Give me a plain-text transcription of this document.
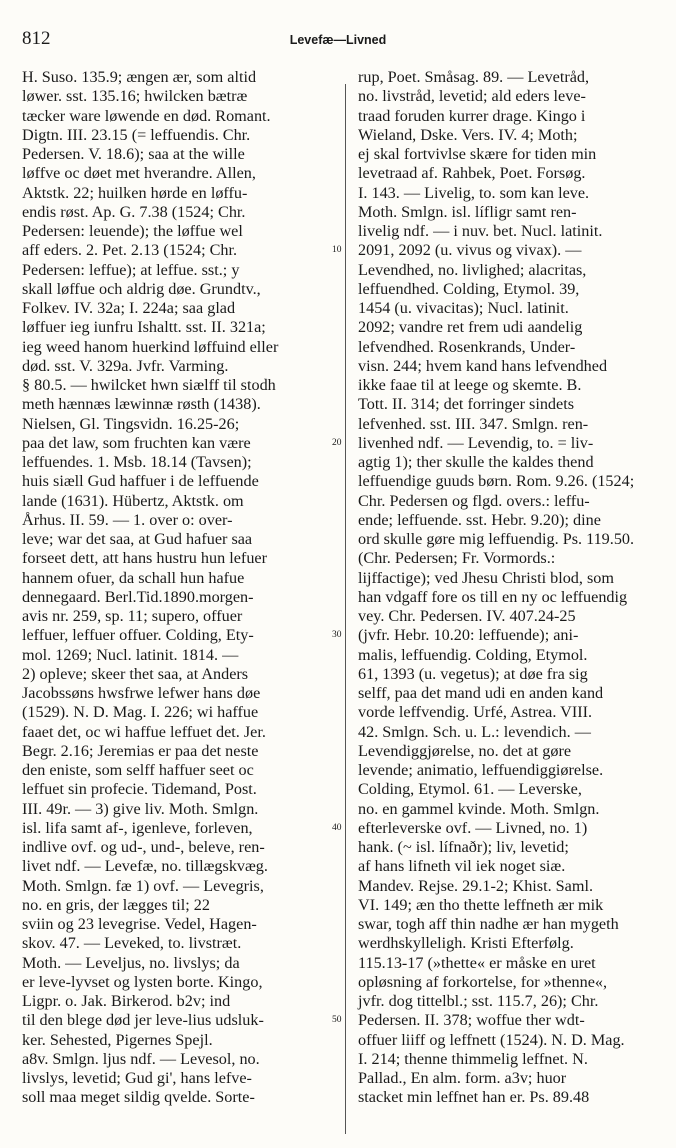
812	Levefæ—Livned
H. Suso. 135.9; ængen ær, som altid
løwer. sst. 135.16; hwilcken bætræ
tæcker ware løwende en død. Romant.
Digtn. III. 23.15 (= leffuendis. Chr.
Pedersen. V. 18.6); saa at the wille
løffve oc døet met hverandre. Allen,
Aktstk. 22; huilken hørde en løffu-
endis røst. Ap. G. 7.38 (1524; Chr.
Pedersen: leuende); the løffue wel
aff eders. 2. Pet. 2.13 (1524; Chr.
Pedersen: leffue); at leffue. sst.; y
skall løffue och aldrig døe. Grundtv.,
Folkev. IV. 32a; I. 224a; saa glad
løffuer ieg iunfru Ishaltt. sst. II. 321a;
ieg weed hanom huerkind løffuind eller
død. sst. V. 329a. Jvfr. Varming.
§ 80.5. — hwilcket hwn siælff til stodh
meth hænnæs læwinnæ røsth (1438).
Nielsen, Gl. Tingsvidn. 16.25-26;
paa det law, som fruchten kan være
leffuendes. 1. Msb. 18.14 (Tavsen);
huis siæll Gud haffuer i de leffuende
lande (1631). Hübertz, Aktstk. om
Århus. II. 59. — 1. over o: over-
leve; war det saa, at Gud hafuer saa
forseet dett, att hans hustru hun lefuer
hannem ofuer, da schall hun hafue
dennegaard. Berl.Tid.1890.morgen-
avis nr. 259, sp. 11; supero, offuer
leffuer, leffuer offuer. Colding, Ety-
mol. 1269; Nucl. latinit. 1814. —
2) opleve; skeer thet saa, at Anders
Jacobssøns hwsfrwe lefwer hans døe
(1529). N. D. Mag. I. 226; wi haffue
faaet det, oc wi haffue leffuet det. Jer.
Begr. 2.16; Jeremias er paa det neste
den eniste, som selff haffuer seet oc
leffuet sin profecie. Tidemand, Post.
III. 49r. — 3) give liv. Moth. Smlgn.
isl. lifa samt af-, igenleve, forleven,
indlive ovf. og ud-, und-, beleve, ren-
livet ndf. — Levefæ, no. tillægskvæg.
Moth. Smlgn. fæ 1) ovf. — Levegris,
no. en gris, der lægges til; 22
sviin og 23 levegrise. Vedel, Hagen-
skov. 47. — Leveked, to. livstræt.
Moth. — Leveljus, no. livslys; da
er leve-lyvset og lysten borte. Kingo,
Ligpr. o. Jak. Birkerod. b2v; ind
til den blege død jer leve-lius udsluk-
ker. Sehested, Pigernes Spejl.
a8v. Smlgn. ljus ndf. — Levesol, no.
livslys, levetid; Gud gi', hans lefve-
soll maa meget sildig qvelde. Sorte-
10
20
30
40
50
rup, Poet. Småsag. 89. — Levetråd,
no. livstråd, levetid; ald eders leve-
traad foruden kurrer drage. Kingo i
Wieland, Dske. Vers. IV. 4; Moth;
ej skal fortvivlse skære for tiden min
levetraad af. Rahbek, Poet. Forsøg.
I. 143. — Livelig, to. som kan leve.
Moth. Smlgn. isl. lífligr samt ren-
livelig ndf. — i nuv. bet. Nucl. latinit.
2091, 2092 (u. vivus og vivax). —
Levendhed, no. livlighed; alacritas,
leffuendhed. Colding, Etymol. 39,
1454 (u. vivacitas); Nucl. latinit.
2092; vandre ret frem udi aandelig
lefvendhed. Rosenkrands, Under-
visn. 244; hvem kand hans lefvendhed
ikke faae til at leege og skemte. B.
Tott. II. 314; det forringer sindets
lefvenhed. sst. III. 347. Smlgn. ren-
livenhed ndf. — Levendig, to. = liv-
agtig 1); ther skulle the kaldes thend
leffuendige guuds børn. Rom. 9.26. (1524;
Chr. Pedersen og flgd. overs.: leffu-
ende; leffuende. sst. Hebr. 9.20); dine
ord skulle gøre mig leffuendig. Ps. 119.50.
(Chr. Pedersen; Fr. Vormords.:
lijffactige); ved Jhesu Christi blod, som
han vdgaff fore os till en ny oc leffuendig
vey. Chr. Pedersen. IV. 407.24-25
(jvfr. Hebr. 10.20: leffuende); ani-
malis, leffuendig. Colding, Etymol.
61, 1393 (u. vegetus); at døe fra sig
selff, paa det mand udi en anden kand
vorde leffvendig. Urfé, Astrea. VIII.
42. Smlgn. Sch. u. L.: levendich. —
Levendiggjørelse, no. det at gøre
levende; animatio, leffuendiggiørelse.
Colding, Etymol. 61. — Leverske,
no. en gammel kvinde. Moth. Smlgn.
efterleverske ovf. — Livned, no. 1)
hank. (~ isl. lífnaðr); liv, levetid;
af hans lifneth vil iek noget siæ.
Mandev. Rejse. 29.1-2; Khist. Saml.
VI. 149; æn tho thette leffneth ær mik
swar, togh aff thin nadhe ær han mygeth
werdhskylleligh. Kristi Efterfølg.
115.13-17 (»thette« er måske en uret
opløsning af forkortelse, for »thenne«,
jvfr. dog tittelbl.; sst. 115.7, 26); Chr.
Pedersen. II. 378; woffue ther wdt-
offuer liiff og leffnett (1524). N. D. Mag.
I. 214; thenne thimmelig leffnet. N.
Pallad., En alm. form. a3v; huor
stacket min leffnet han er. Ps. 89.48
